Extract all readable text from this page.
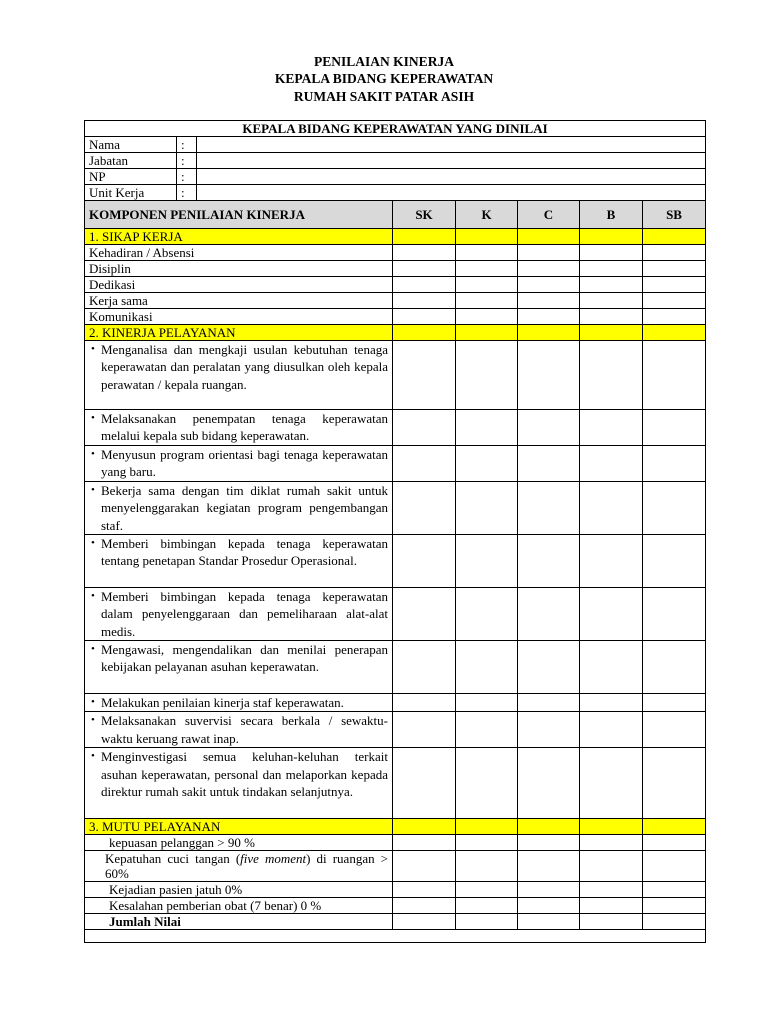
PENILAIAN KINERJA
KEPALA BIDANG KEPERAWATAN
RUMAH SAKIT PATAR ASIH
KEPALA BIDANG KEPERAWATAN YANG DINILAI							
Nama	:						
Jabatan	:						
NP	:						
Unit Kerja	:						
KOMPONEN PENILAIAN KINERJA			SK	K	C	B	SB
1. SIKAP KERJA							
Kehadiran / Absensi							
Disiplin							
Dedikasi							
Kerja sama							
Komunikasi							
2. KINERJA PELAYANAN							

• Menganalisa dan mengkaji usulan kebutuhan tenaga keperawatan dan peralatan yang diusulkan oleh kepala perawatan / kepala ruangan.							

• Melaksanakan penempatan tenaga keperawatan melalui kepala sub bidang keperawatan.							

• Menyusun program orientasi bagi tenaga keperawatan yang baru.							

• Bekerja sama dengan tim diklat rumah sakit untuk menyelenggarakan kegiatan program pengembangan staf.							

• Memberi bimbingan kepada tenaga keperawatan tentang penetapan Standar Prosedur Operasional.							

• Memberi bimbingan kepada tenaga keperawatan dalam penyelenggaraan dan pemeliharaan alat-alat medis.							

• Mengawasi, mengendalikan dan menilai penerapan kebijakan pelayanan asuhan keperawatan.							

• Melakukan penilaian kinerja staf keperawatan.							

• Melaksanakan suvervisi secara berkala / sewaktu-waktu keruang rawat inap.							

• Menginvestigasi semua keluhan-keluhan terkait asuhan keperawatan, personal dan melaporkan kepada direktur rumah sakit untuk tindakan selanjutnya.							

3. MUTU PELAYANAN							
kepuasan pelanggan > 90 %							
Kepatuhan cuci tangan (five moment) di ruangan > 60%							
Kejadian pasien jatuh 0%							
Kesalahan pemberian obat (7 benar) 0 %							
Jumlah Nilai							
